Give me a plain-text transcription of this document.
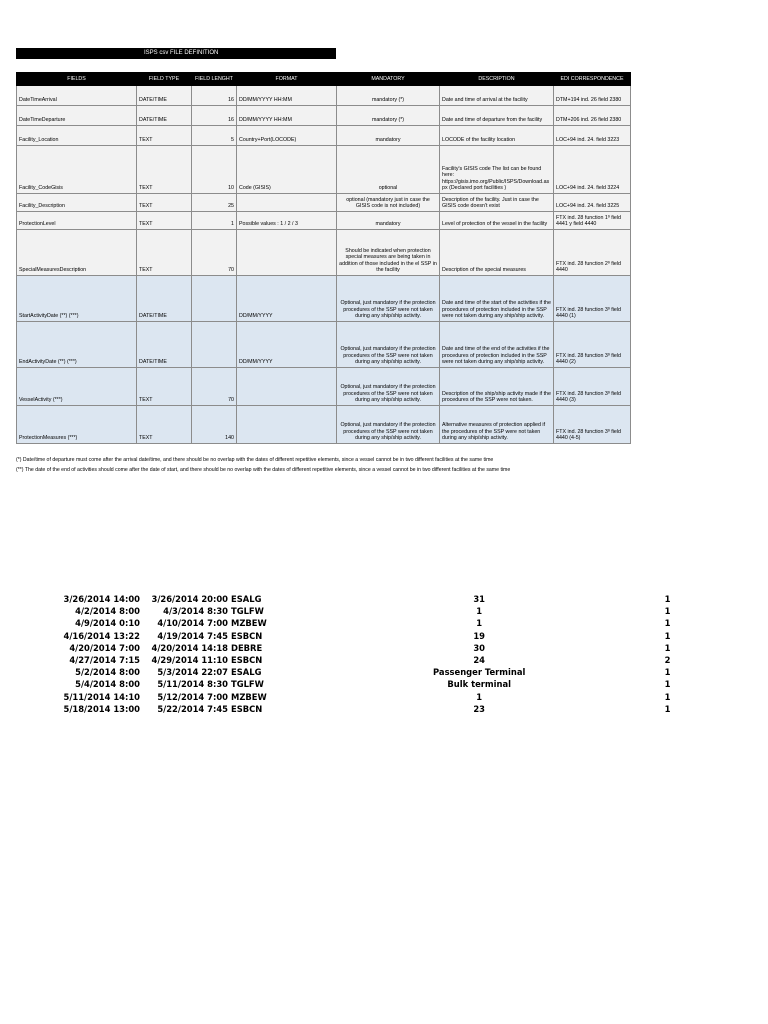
ISPS csv FILE DEFINITION
FIELDS	FIELD TYPE	FIELD LENGHT	FORMAT	MANDATORY	DESCRIPTION	EDI CORRESPONDENCE
DateTimeArrival	DATE/TIME	16	DD/MM/YYYY HH:MM	mandatory (*)	Date and time of arrival at the facility	DTM+194 ind. 26 field 2380
DateTimeDeparture	DATE/TIME	16	DD/MM/YYYY HH:MM	mandatory (*)	Date and time of departure from the facility	DTM+206 ind. 26 field 2380
Facility_Location	TEXT	5	Country+Port(LOCODE)	mandatory	LOCODE of the facility location	LOC+94 ind. 24. field 3223
Facility_CodeGisis	TEXT	10	Code (GISIS)	optional	Facility's GISIS code The list can be found here: https://gisis.imo.org/Public/ISPS/Download.aspx (Declared port facilities )	LOC+94 ind. 24. field 3224
Facility_Description	TEXT	25		optional (mandatory just in case the GISIS code is not included)	Description of the facility. Just in case the GISIS code doesn't exist	LOC+94 ind. 24. field 3225
ProtectionLevel	TEXT	1	Possible values : 1 / 2 / 3	mandatory	Level of protection of the vessel in the facility	FTX ind. 28 function 1º field 4441 y field 4440
SpecialMeasuresDescription	TEXT	70		Should be indicated when protection special measures are being taken in addition of those included in the el SSP in the facility	Description of the special measures	FTX ind. 28 function 2º field 4440
StartActivityDate (**) (***)	DATE/TIME		DD/MM/YYYY	Optional, just mandatory if the protection procedures of the SSP were not taken during any ship/ship activity.	Date and time of the start of the activities if the procedures of protection included in the SSP were not taken during any ship/ship activity.	FTX ind. 28 function 3º field 4440 (1)
EndActivityDate (**) (***)	DATE/TIME		DD/MM/YYYY	Optional, just mandatory if the protection procedures of the SSP were not taken during any ship/ship activity.	Date and time of the end of the activities if the procedures of protection included in the SSP were not taken during any ship/ship activity.	FTX ind. 28 function 3º field 4440 (2)
VesselActivity (***)	TEXT	70		Optional, just mandatory if the protection procedures of the SSP were not taken during any ship/ship activity.	Description of the ship/ship activity made if the procedures of the SSP were not taken.	FTX ind. 28 function 3º field 4440 (3)
ProtectionMeasures (***)	TEXT	140		Optional, just mandatory if the protection procedures of the SSP were not taken during any ship/ship activity.	Alternative measures of protection applied if the procedures of the SSP were not taken during any ship/ship activity.	FTX ind. 28 function 3º field 4440 (4-5)
(*) Date/time of departure must come after the arrival date/time, and there should be no overlap with the dates of different repetitive elements, since a vessel cannot be in two different facilities at the same time
(**) The date of the end of activities should come after the date of start, and there should be no overlap with the dates of different repetitive elements, since a vessel cannot be in two different facilities at the same time
3/26/2014 14:00	3/26/2014 20:00	ESALG		31		1
4/2/2014 8:00	4/3/2014 8:30	TGLFW		1		1
4/9/2014 0:10	4/10/2014 7:00	MZBEW		1		1
4/16/2014 13:22	4/19/2014 7:45	ESBCN		19		1
4/20/2014 7:00	4/20/2014 14:18	DEBRE		30		1
4/27/2014 7:15	4/29/2014 11:10	ESBCN		24		2
5/2/2014 8:00	5/3/2014 22:07	ESALG		Passenger Terminal		1
5/4/2014 8:00	5/11/2014 8:30	TGLFW		Bulk terminal		1
5/11/2014 14:10	5/12/2014 7:00	MZBEW		1		1
5/18/2014 13:00	5/22/2014 7:45	ESBCN		23		1
